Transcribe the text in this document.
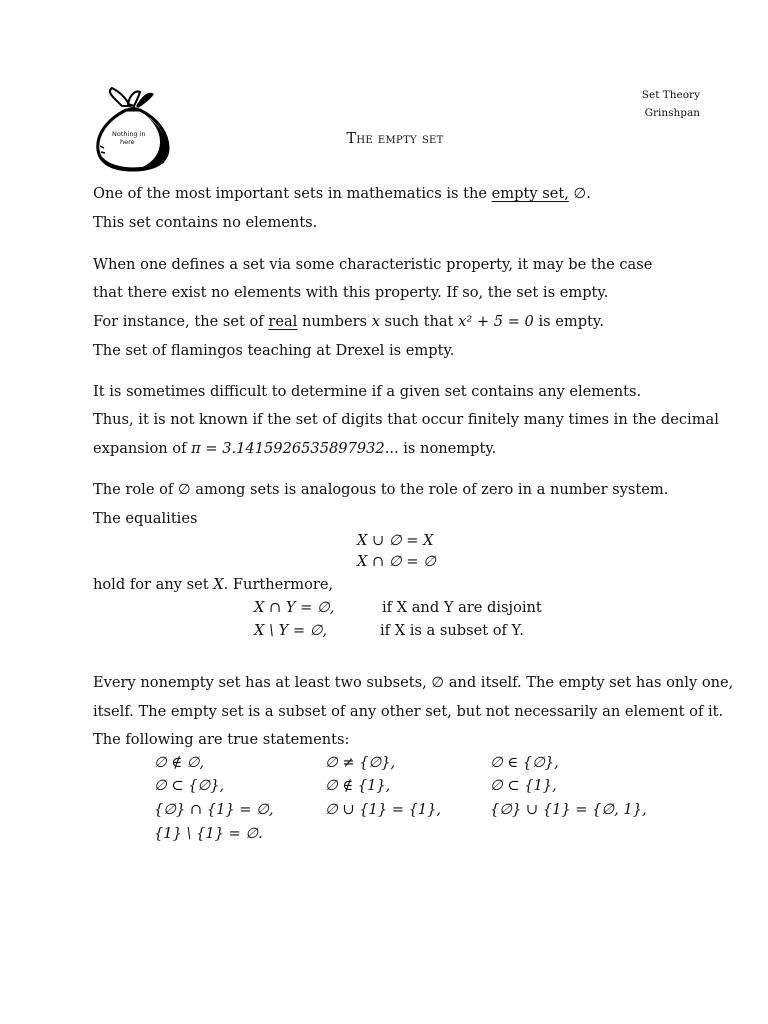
Set Theory
Grinshpan
Nothing in
here	The empty set
One of the most important sets in mathematics is the empty set, ∅.
This set contains no elements.
When one defines a set via some characteristic property, it may be the case
that there exist no elements with this property. If so, the set is empty.
For instance, the set of real numbers x such that x² + 5 = 0 is empty.
The set of flamingos teaching at Drexel is empty.
It is sometimes difficult to determine if a given set contains any elements.
Thus, it is not known if the set of digits that occur finitely many times in the decimal
expansion of π = 3.1415926535897932... is nonempty.
The role of ∅ among sets is analogous to the role of zero in a number system.
The equalities
X ∪ ∅ = X
X ∩ ∅ = ∅
hold for any set X. Furthermore,
X ∩ Y = ∅,	if X and Y are disjoint
X \ Y = ∅,	if X is a subset of Y.
Every nonempty set has at least two subsets, ∅ and itself. The empty set has only one,
itself. The empty set is a subset of any other set, but not necessarily an element of it.
The following are true statements:
∅ ∉ ∅,	∅ ≠ {∅},	∅ ∈ {∅},
∅ ⊂ {∅},	∅ ∉ {1},	∅ ⊂ {1},
{∅} ∩ {1} = ∅,	∅ ∪ {1} = {1},	{∅} ∪ {1} = {∅, 1},
{1} \ {1} = ∅.
